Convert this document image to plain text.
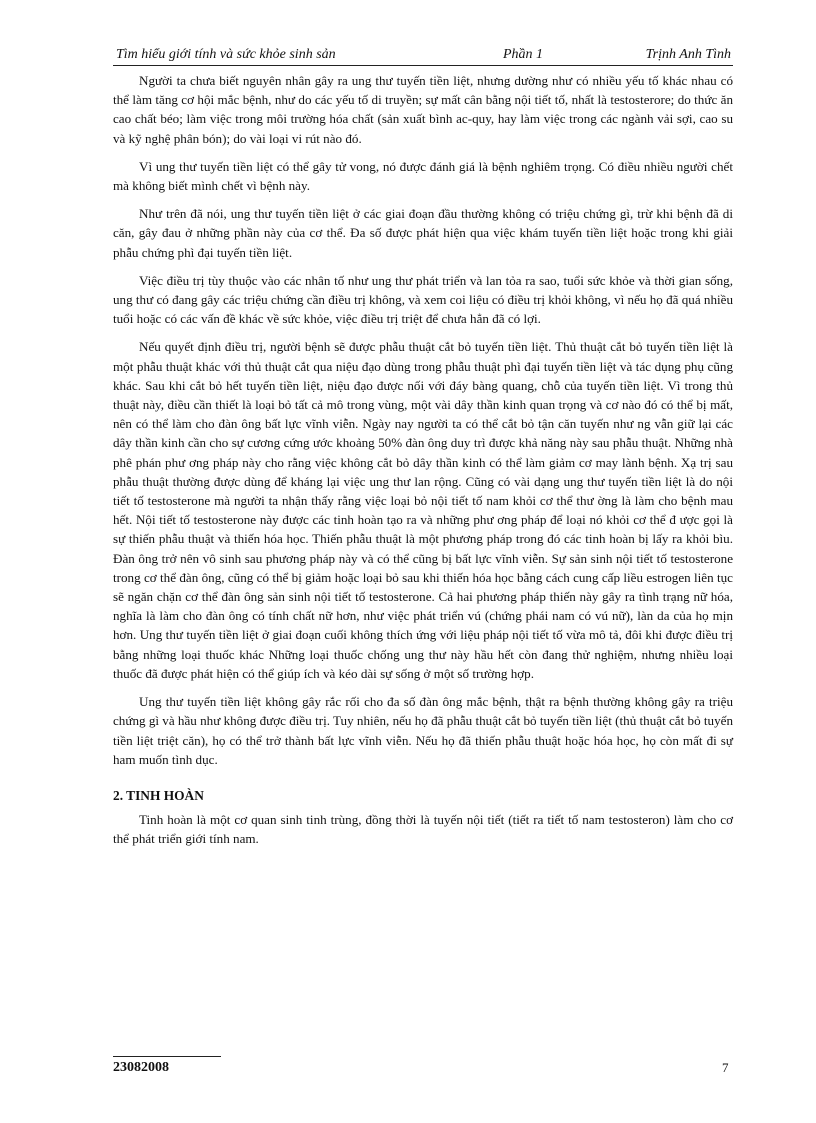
Tìm hiểu giới tính và sức khỏe sinh sản	Phần 1	Trịnh Anh Tình

Người ta chưa biết nguyên nhân gây ra ung thư tuyến tiền liệt, nhưng dường như có nhiều yếu tố khác nhau có thể làm tăng cơ hội mắc bệnh, như do các yếu tố di truyền; sự mất cân bằng nội tiết tố, nhất là testosterore; do thức ăn cao chất béo; làm việc trong môi trường hóa chất (sản xuất bình ac-quy, hay làm việc trong các ngành vải sợi, cao su và kỹ nghệ phân bón); do vài loại vi rút nào đó.

Vì ung thư tuyến tiền liệt có thể gây tử vong, nó được đánh giá là bệnh nghiêm trọng. Có điều nhiều người chết mà không biết mình chết vì bệnh này.

Như trên đã nói, ung thư tuyến tiền liệt ở các giai đoạn đầu thường không có triệu chứng gì, trừ khi bệnh đã di căn, gây đau ở những phần này của cơ thể. Đa số được phát hiện qua việc khám tuyến tiền liệt hoặc trong khi giải phẫu chứng phì đại tuyến tiền liệt.

Việc điều trị tùy thuộc vào các nhân tố như ung thư phát triển và lan tỏa ra sao, tuổi sức khỏe và thời gian sống, ung thư có đang gây các triệu chứng cần điều trị không, và xem coi liệu có điều trị khỏi không, vì nếu họ đã quá nhiều tuổi hoặc có các vấn đề khác về sức khỏe, việc điều trị triệt để chưa hẳn đã có lợi.

Nếu quyết định điều trị, người bệnh sẽ được phẫu thuật cắt bỏ tuyến tiền liệt. Thủ thuật cắt bỏ tuyến tiền liệt là một phẫu thuật khác với thủ thuật cắt qua niệu đạo dùng trong phẫu thuật phì đại tuyến tiền liệt và tác dụng phụ cũng khác. Sau khi cắt bỏ hết tuyến tiền liệt, niệu đạo được nối với đáy bàng quang, chỗ của tuyến tiền liệt. Vì trong thủ thuật này, điều cần thiết là loại bỏ tất cả mô trong vùng, một vài dây thần kinh quan trọng và cơ nào đó có thể bị mất, nên có thể làm cho đàn ông bất lực vĩnh viễn. Ngày nay người ta có thể cắt bỏ tận căn tuyến như ng vẫn giữ lại các dây thần kinh cần cho sự cương cứng ước khoảng 50% đàn ông duy trì được khả năng này sau phẫu thuật. Những nhà phê phán phư ơng pháp này cho rằng việc không cắt bỏ dây thần kinh có thể làm giảm cơ may lành bệnh. Xạ trị sau phẫu thuật thường được dùng để kháng lại việc ung thư lan rộng. Cũng có vài dạng ung thư tuyến tiền liệt là do nội tiết tố testosterone mà người ta nhận thấy rằng việc loại bỏ nội tiết tố nam khỏi cơ thể thư ờng là làm cho bệnh mau hết. Nội tiết tố testosterone này được các tinh hoàn tạo ra và những phư ơng pháp để loại nó khỏi cơ thể đ ược gọi là sự thiến phẫu thuật và thiến hóa học. Thiến phẫu thuật là một phương pháp trong đó các tinh hoàn bị lấy ra khỏi bìu. Đàn ông trở nên vô sinh sau phương pháp này và có thể cũng bị bất lực vĩnh viễn. Sự sản sinh nội tiết tố testosterone trong cơ thể đàn ông, cũng có thể bị giảm hoặc loại bỏ sau khi thiến hóa học bằng cách cung cấp liều estrogen liên tục sẽ ngăn chặn cơ thể đàn ông sản sinh nội tiết tố testosterone. Cả hai phương pháp thiến này gây ra tình trạng nữ hóa, nghĩa là làm cho đàn ông có tính chất nữ hơn, như việc phát triển vú (chứng phái nam có vú nữ), làn da của họ mịn hơn. Ung thư tuyến tiền liệt ở giai đoạn cuối không thích ứng với liệu pháp nội tiết tố vừa mô tả, đôi khi được điều trị bằng những loại thuốc khác Những loại thuốc chống ung thư này hầu hết còn đang thử nghiệm, nhưng nhiều loại thuốc đã được phát hiện có thể giúp ích và kéo dài sự sống ở một số trường hợp.

Ung thư tuyến tiền liệt không gây rắc rối cho đa số đàn ông mắc bệnh, thật ra bệnh thường không gây ra triệu chứng gì và hầu như không được điều trị. Tuy nhiên, nếu họ đã phẫu thuật cắt bỏ tuyến tiền liệt (thủ thuật cắt bỏ tuyến tiền liệt triệt căn), họ có thể trở thành bất lực vĩnh viễn. Nếu họ đã thiến phẫu thuật hoặc hóa học, họ còn mất đi sự ham muốn tình dục.

2. TINH HOÀN

Tinh hoàn là một cơ quan sinh tinh trùng, đồng thời là tuyến nội tiết (tiết ra tiết tố nam testosteron) làm cho cơ thể phát triển giới tính nam.

23082008	7
